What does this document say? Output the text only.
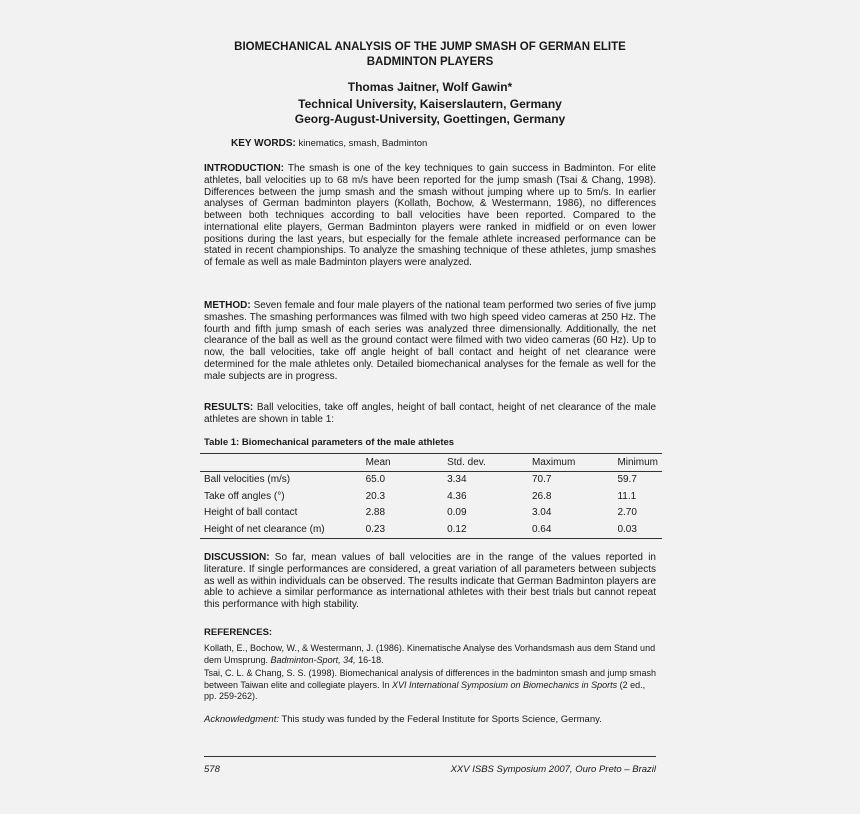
BIOMECHANICAL ANALYSIS OF THE JUMP SMASH OF GERMAN ELITE
BADMINTON PLAYERS
Thomas Jaitner, Wolf Gawin*
Technical University, Kaiserslautern, Germany
Georg-August-University, Goettingen, Germany
KEY WORDS: kinematics, smash, Badminton
INTRODUCTION: The smash is one of the key techniques to gain success in Badminton. For elite athletes, ball velocities up to 68 m/s have been reported for the jump smash (Tsai & Chang, 1998). Differences between the jump smash and the smash without jumping where up to 5m/s. In earlier analyses of German badminton players (Kollath, Bochow, & Westermann, 1986), no differences between both techniques according to ball velocities have been reported. Compared to the international elite players, German Badminton players were ranked in midfield or on even lower positions during the last years, but especially for the female athlete increased performance can be stated in recent championships. To analyze the smashing technique of these athletes, jump smashes of female as well as male Badminton players were analyzed.
METHOD: Seven female and four male players of the national team performed two series of five jump smashes. The smashing performances was filmed with two high speed video cameras at 250 Hz. The fourth and fifth jump smash of each series was analyzed three dimensionally. Additionally, the net clearance of the ball as well as the ground contact were filmed with two video cameras (60 Hz). Up to now, the ball velocities, take off angle height of ball contact and height of net clearance were determined for the male athletes only. Detailed biomechanical analyses for the female as well for the male subjects are in progress.
RESULTS: Ball velocities, take off angles, height of ball contact, height of net clearance of the male athletes are shown in table 1:
Table 1: Biomechanical parameters of the male athletes
	Mean	Std. dev.	Maximum	Minimum
Ball velocities (m/s)	65.0	3.34	70.7	59.7
Take off angles (°)	20.3	4.36	26.8	11.1
Height of ball contact	2.88	0.09	3.04	2.70
Height of net clearance (m)	0.23	0.12	0.64	0.03
DISCUSSION: So far, mean values of ball velocities are in the range of the values reported in literature. If single performances are considered, a great variation of all parameters between subjects as well as within individuals can be observed. The results indicate that German Badminton players are able to achieve a similar performance as international athletes with their best trials but cannot repeat this performance with high stability.
REFERENCES:
Kollath, E., Bochow, W., & Westermann, J. (1986). Kinematische Analyse des Vorhandsmash aus dem Stand und dem Umsprung. Badminton-Sport, 34, 16-18.
Tsai, C. L. & Chang, S. S. (1998). Biomechanical analysis of differences in the badminton smash and jump smash between Taiwan elite and collegiate players. In XVI International Symposium on Biomechanics in Sports (2 ed., pp. 259-262).
Acknowledgment: This study was funded by the Federal Institute for Sports Science, Germany.
578	XXV ISBS Symposium 2007, Ouro Preto – Brazil
